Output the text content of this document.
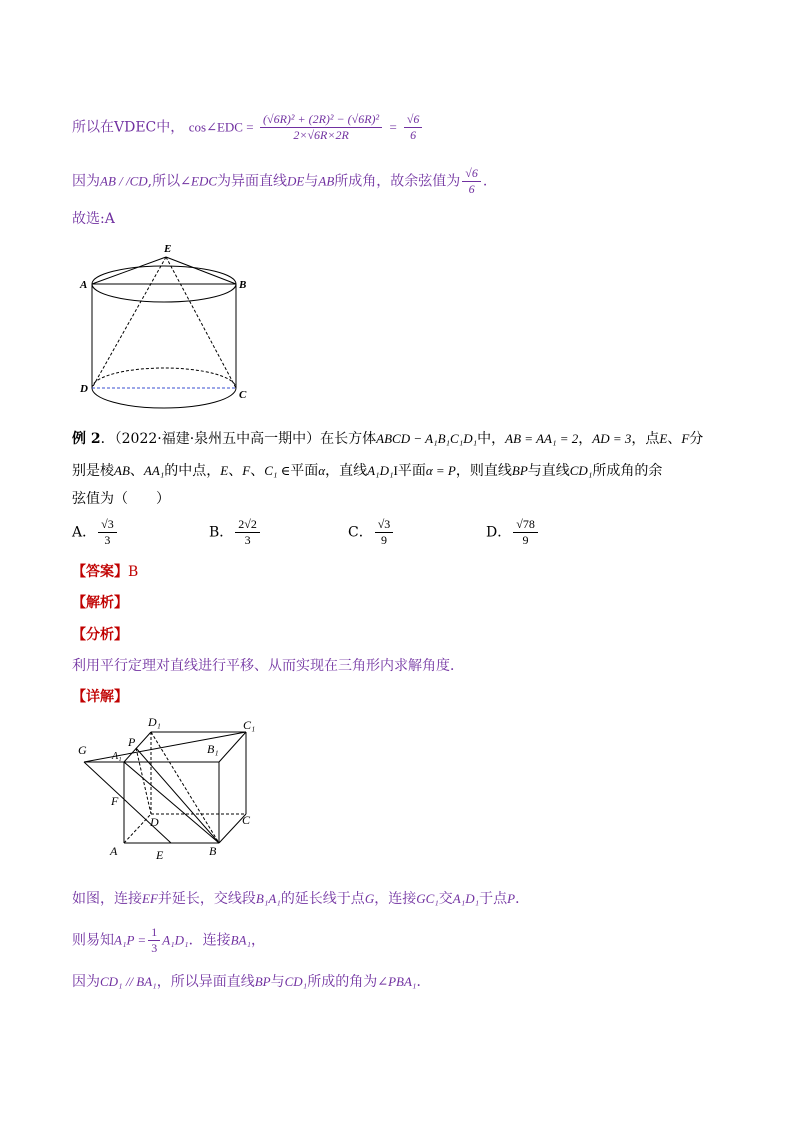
所以在VDEC中， cos∠EDC = $\frac{\text{(√6R)² + (2R)² − (√6R)²}}{2\times√6R\times 2R} = \frac{√6}{6}$
因为AB / /CD,所以∠EDC为异面直线DE与AB所成角，故余弦值为 $\frac{√6}{6}$ .
故选:A
E
A	B
D	C
例 2．（2022·福建·泉州五中高一期中）在长方体ABCD − A₁B₁C₁D₁中，AB = AA₁ = 2，AD = 3，点E、F分
别是棱AB、AA₁的中点，E、F、C₁ ∈平面α，直线A₁D₁I平面α = P，则直线BP与直线CD₁所成角的余
弦值为（　　）
A． $\frac{√3}{3}$	B． $\frac{2√2}{3}$	C． $\frac{√3}{9}$	D． $\frac{√78}{9}$
【答案】B
【解析】
【分析】
利用平行定理对直线进行平移、从而实现在三角形内求解角度．
【详解】
D₁	C₁
G
P
A₁
B₁
F
D	C
A	E	B
如图，连接EF并延长，交线段B₁A₁的延长线于点G，连接GC₁交A₁D₁于点P．
则易知$A_1P = \frac{1}{3} A_1D_1$．连接BA₁，
因为CD₁ // BA₁，所以异面直线BP与CD₁所成的角为∠PBA₁．
